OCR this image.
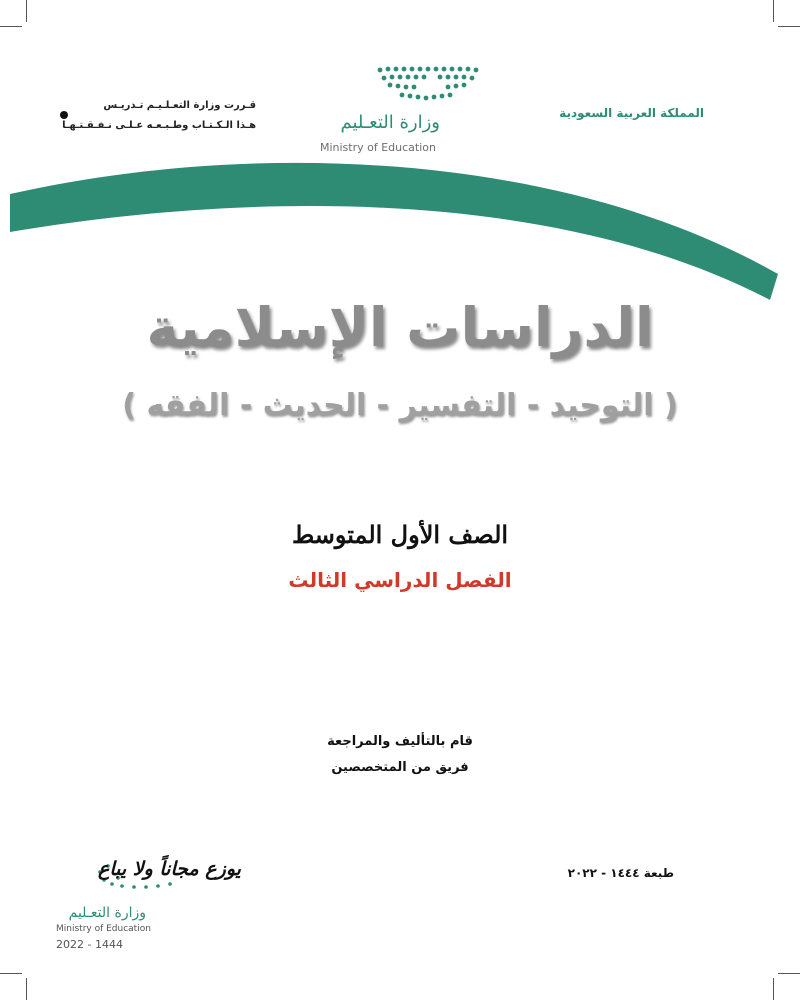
المملكة العربية السعودية
وزارة التعـليم
Ministry of Education
قـررت وزارة التعـلـيـم تـدريـس
هـذا الـكـتـاب وطـبـعـه عـلـى نـفـقـتـهـا
الدراسات الإسلامية
( التوحيد - التفسير - الحديث - الفقه )
الصف الأول المتوسط
الفصل الدراسي الثالث
قام بالتأليف والمراجعة
فريق من المتخصصين
طبعة ١٤٤٤ - ٢٠٢٢
يوزع مجاناً ولا يباع
وزارة التعـليم
Ministry of Education
2022 - 1444
